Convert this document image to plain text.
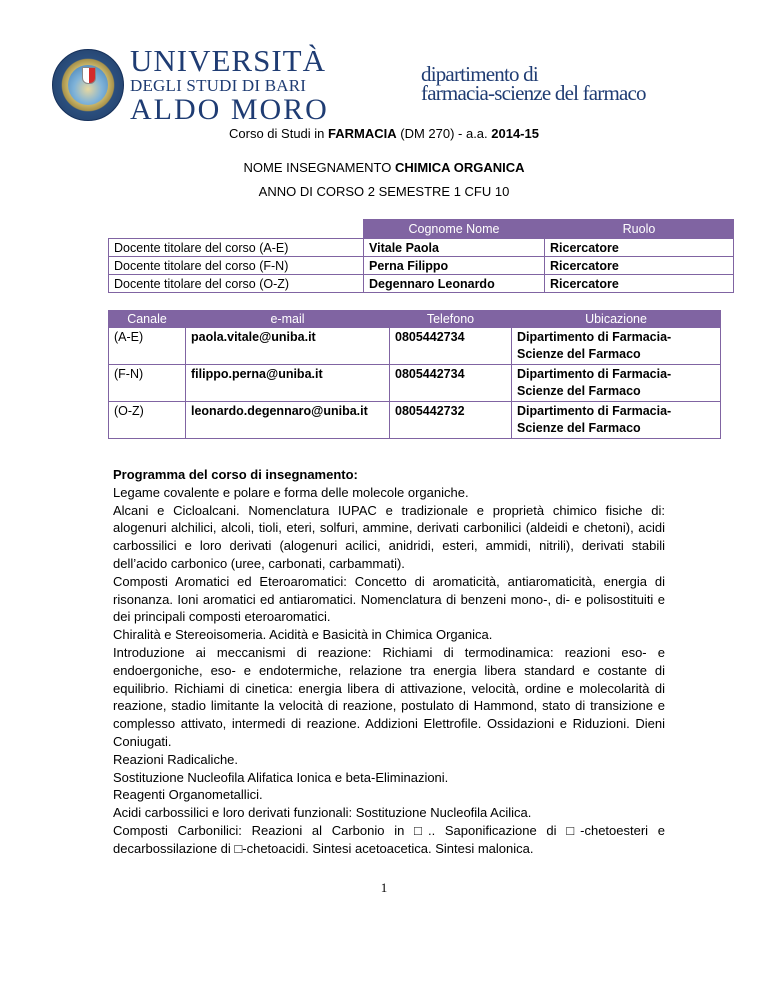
UNIVERSITÀ
DEGLI STUDI DI BARI
ALDO MORO
dipartimento di
farmacia-scienze del farmaco
Corso di Studi in FARMACIA (DM 270) - a.a. 2014-15
NOME INSEGNAMENTO CHIMICA ORGANICA
ANNO DI CORSO 2 SEMESTRE 1 CFU 10
	Cognome Nome	Ruolo
Docente titolare del corso (A-E)	Vitale Paola	Ricercatore
Docente titolare del corso (F-N)	Perna Filippo	Ricercatore
Docente titolare del corso (O-Z)	Degennaro Leonardo	Ricercatore
Canale	e-mail	Telefono	Ubicazione
(A-E)	paola.vitale@uniba.it	0805442734	Dipartimento di Farmacia-
Scienze del Farmaco

(F-N)	filippo.perna@uniba.it	0805442734	Dipartimento di Farmacia-
Scienze del Farmaco

(O-Z)	leonardo.degennaro@uniba.it	0805442732	Dipartimento di Farmacia-
Scienze del Farmaco

Programma del corso di insegnamento:

Legame covalente e polare e forma delle molecole organiche.

Alcani e Cicloalcani. Nomenclatura IUPAC e tradizionale e proprietà chimico fisiche di: alogenuri alchilici, alcoli, tioli, eteri, solfuri, ammine, derivati carbonilici (aldeidi e chetoni), acidi carbossilici e loro derivati (alogenuri acilici, anidridi, esteri, ammidi, nitrili), derivati stabili dell’acido carbonico (uree, carbonati, carbammati).

Composti Aromatici ed Eteroaromatici: Concetto di aromaticità, antiaromaticità, energia di risonanza. Ioni aromatici ed antiaromatici. Nomenclatura di benzeni mono-, di- e polisostituiti e dei principali composti eteroaromatici.

Chiralità e Stereoisomeria. Acidità e Basicità in Chimica Organica.

Introduzione ai meccanismi di reazione: Richiami di termodinamica: reazioni eso- e endoergoniche, eso- e endotermiche, relazione tra energia libera standard e costante di equilibrio. Richiami di cinetica: energia libera di attivazione, velocità, ordine e molecolarità di reazione, stadio limitante la velocità di reazione, postulato di Hammond, stato di transizione e complesso attivato, intermedi di reazione. Addizioni Elettrofile. Ossidazioni e Riduzioni. Dieni Coniugati.

Reazioni Radicaliche.

Sostituzione Nucleofila Alifatica Ionica e beta-Eliminazioni.

Reagenti Organometallici.

Acidi carbossilici e loro derivati funzionali: Sostituzione Nucleofila Acilica.

Composti Carbonilici: Reazioni al Carbonio in □.. Saponificazione di □-chetoesteri e decarbossilazione di □-chetoacidi. Sintesi acetoacetica. Sintesi malonica.

1
